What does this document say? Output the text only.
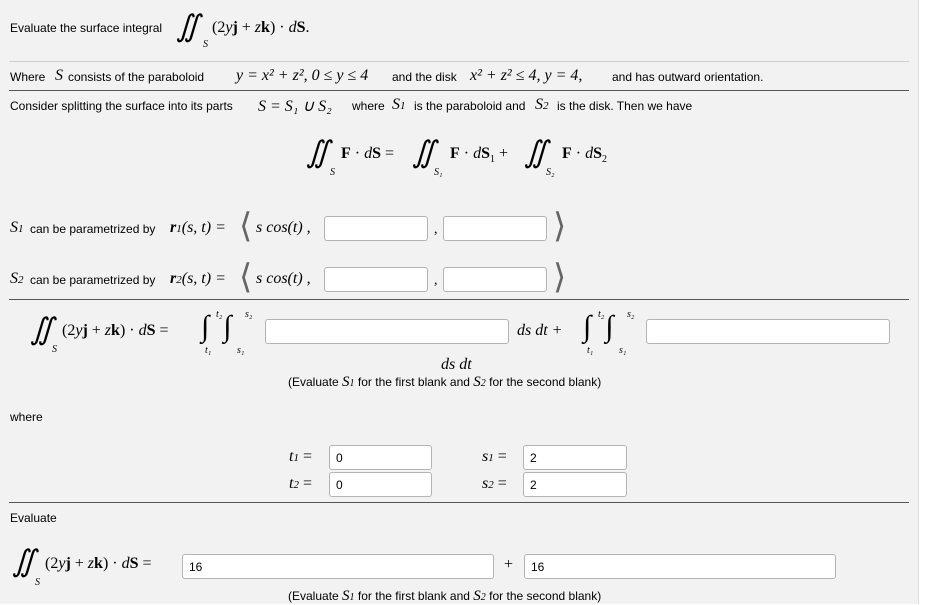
Evaluate the surface integral ∬
S
(2yj + zk) · dS.
Where S consists of the paraboloid y = x² + z², 0 ≤ y ≤ 4 and the disk x² + z² ≤ 4, y = 4, and has outward orientation.
Consider splitting the surface into its parts S = S₁ ∪ S₂ where S1 is the paraboloid and S2 is the disk. Then we have
∬
S
F · dS = ∬
S₁
$F \cdot dS_1$ + ∬
S₂
$F \cdot dS_2$
S1 can be parametrized by r1(s, t) = ⟨ s cos(t) ,	,	⟩
S2 can be parametrized by r2(s, t) = ⟨ s cos(t) ,	,	⟩
∬
S
(2yj + zk) · dS = ∫ ∫
t₂
t₁
s₂
s₁
ds dt + ∫ ∫
t₂
t₁
s₂
s₁
ds dt
(Evaluate S1 for the first blank and S2 for the second blank)
where
t1 =
0
t2 =
0
s1 =
2
s2 =
2
Evaluate
∬
S
(2yj + zk) · dS =
16	+
16
(Evaluate S1 for the first blank and S2 for the second blank)
